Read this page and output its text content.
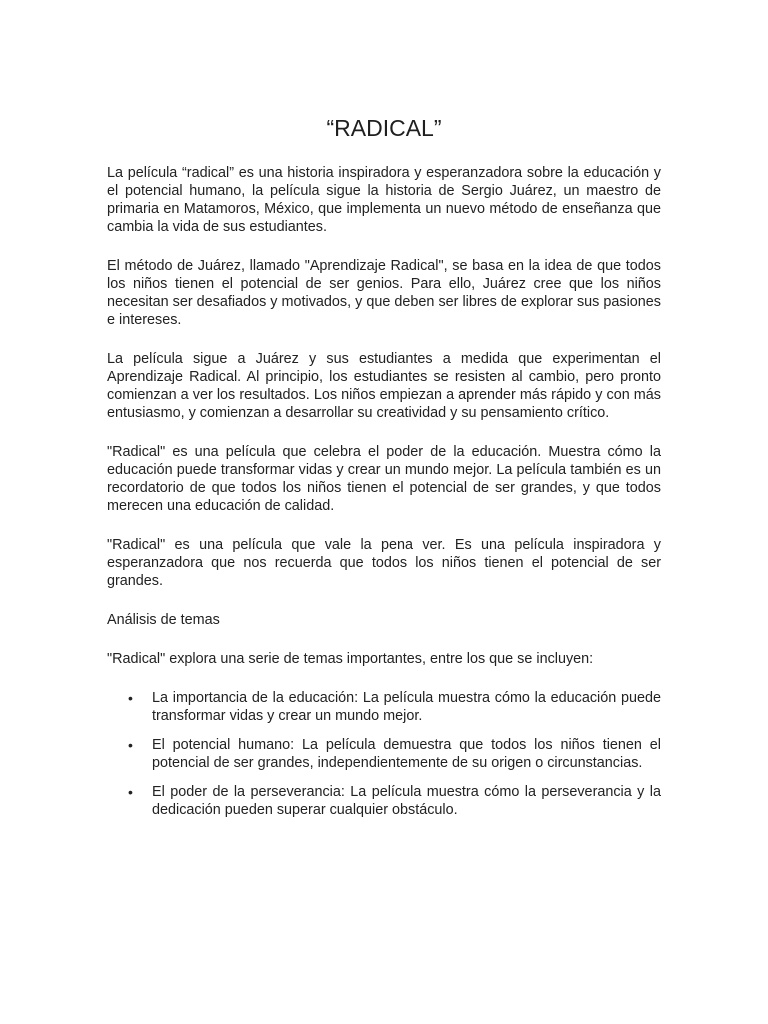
“RADICAL”

La película “radical” es una historia inspiradora y esperanzadora sobre la educación y el potencial humano, la película sigue la historia de Sergio Juárez, un maestro de primaria en Matamoros, México, que implementa un nuevo método de enseñanza que cambia la vida de sus estudiantes.

El método de Juárez, llamado "Aprendizaje Radical", se basa en la idea de que todos los niños tienen el potencial de ser genios. Para ello, Juárez cree que los niños necesitan ser desafiados y motivados, y que deben ser libres de explorar sus pasiones e intereses.

La película sigue a Juárez y sus estudiantes a medida que experimentan el Aprendizaje Radical. Al principio, los estudiantes se resisten al cambio, pero pronto comienzan a ver los resultados. Los niños empiezan a aprender más rápido y con más entusiasmo, y comienzan a desarrollar su creatividad y su pensamiento crítico.

"Radical" es una película que celebra el poder de la educación. Muestra cómo la educación puede transformar vidas y crear un mundo mejor. La película también es un recordatorio de que todos los niños tienen el potencial de ser grandes, y que todos merecen una educación de calidad.

"Radical" es una película que vale la pena ver. Es una película inspiradora y esperanzadora que nos recuerda que todos los niños tienen el potencial de ser grandes.

Análisis de temas

"Radical" explora una serie de temas importantes, entre los que se incluyen:

• La importancia de la educación: La película muestra cómo la educación puede transformar vidas y crear un mundo mejor.
• El potencial humano: La película demuestra que todos los niños tienen el potencial de ser grandes, independientemente de su origen o circunstancias.
• El poder de la perseverancia: La película muestra cómo la perseverancia y la dedicación pueden superar cualquier obstáculo.
